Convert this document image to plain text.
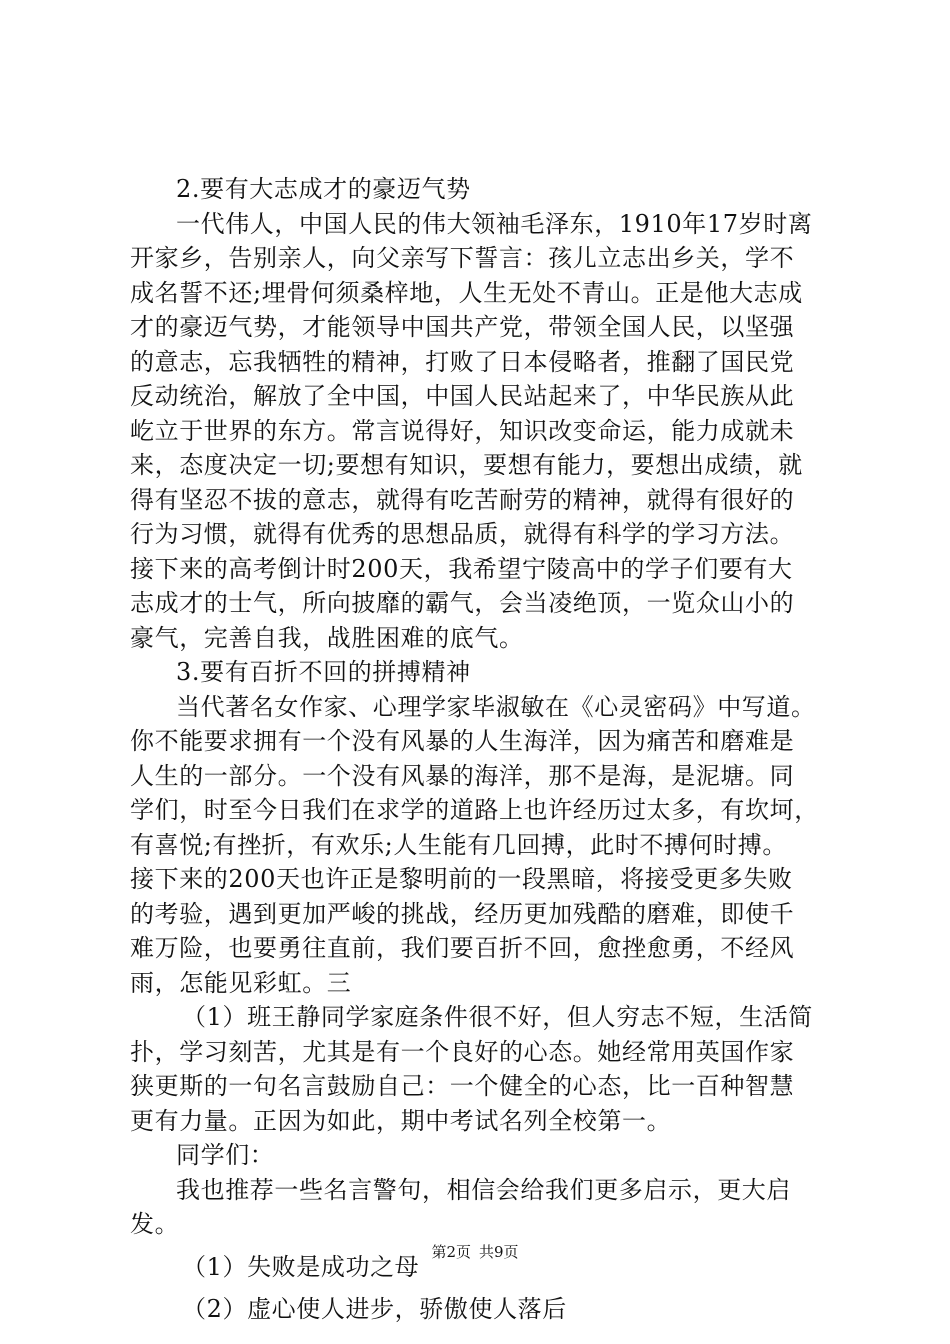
2.要有大志成才的豪迈气势
一代伟人，中国人民的伟大领袖毛泽东，1910年17岁时离
开家乡，告别亲人，向父亲写下誓言：孩儿立志出乡关，学不
成名誓不还;埋骨何须桑梓地，人生无处不青山。正是他大志成
才的豪迈气势，才能领导中国共产党，带领全国人民，以坚强
的意志，忘我牺牲的精神，打败了日本侵略者，推翻了国民党
反动统治，解放了全中国，中国人民站起来了，中华民族从此
屹立于世界的东方。常言说得好，知识改变命运，能力成就未
来，态度决定一切;要想有知识，要想有能力，要想出成绩，就
得有坚忍不拔的意志，就得有吃苦耐劳的精神，就得有很好的
行为习惯，就得有优秀的思想品质，就得有科学的学习方法。
接下来的高考倒计时200天，我希望宁陵高中的学子们要有大
志成才的士气，所向披靡的霸气，会当凌绝顶，一览众山小的
豪气，完善自我，战胜困难的底气。
3.要有百折不回的拼搏精神
当代著名女作家、心理学家毕淑敏在《心灵密码》中写道。
你不能要求拥有一个没有风暴的人生海洋，因为痛苦和磨难是
人生的一部分。一个没有风暴的海洋，那不是海，是泥塘。同
学们，时至今日我们在求学的道路上也许经历过太多，有坎坷，
有喜悦;有挫折，有欢乐;人生能有几回搏，此时不搏何时搏。
接下来的200天也许正是黎明前的一段黑暗，将接受更多失败
的考验，遇到更加严峻的挑战，经历更加残酷的磨难，即使千
难万险，也要勇往直前，我们要百折不回，愈挫愈勇，不经风
雨，怎能见彩虹。三
（1）班王静同学家庭条件很不好，但人穷志不短，生活简
扑，学习刻苦，尤其是有一个良好的心态。她经常用英国作家
狭更斯的一句名言鼓励自己：一个健全的心态，比一百种智慧
更有力量。正因为如此，期中考试名列全校第一。
同学们：
我也推荐一些名言警句，相信会给我们更多启示，更大启
发。
（1）失败是成功之母
（2）虚心使人进步，骄傲使人落后
第2页 共9页
